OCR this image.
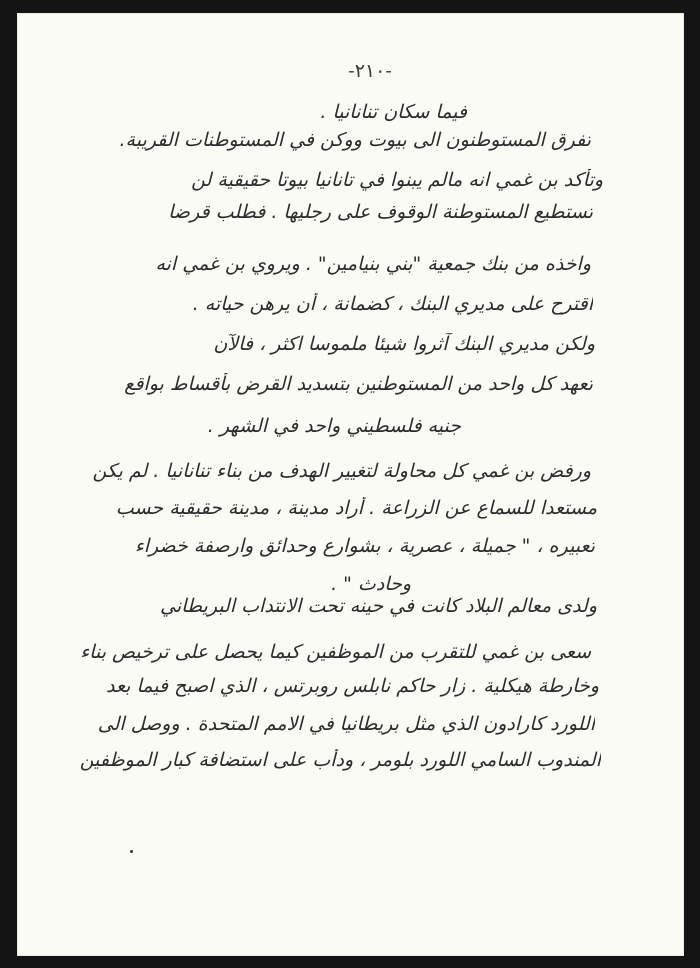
-٢١٠-
فيما سكان تنانانيا .
تفرق المستوطنون الى بيوت ووكن في المستوطنات القريبة.
وتأكد بن غمي انه مالم يبنوا في تانانيا بيوتا حقيقية لن
تستطيع المستوطنة الوقوف على رجليها . فطلب قرضا
واخذه من بنك جمعية "بني بنيامين" . ويروي بن غمي انه
اقترح على مديري البنك ، كضمانة ، أن يرهن حياته .
ولكن مديري البنك آثروا شيئا ملموسا اكثر ، فالآن
تعهد كل واحد من المستوطنين بتسديد القرض بأقساط بواقع
جنيه فلسطيني واحد في الشهر .
ورفض بن غمي كل محاولة لتغيير الهدف من بناء تنانانيا . لم يكن
مستعدا للسماع عن الزراعة . أراد مدينة ، مدينة حقيقية حسب
تعبيره ، " جميلة ، عصرية ، بشوارع وحدائق وارصفة خضراء
وحادث " .
ولدى معالم البلاد كانت في حينه تحت الانتداب البريطاني
سعى بن غمي للتقرب من الموظفين كيما يحصل على ترخيص بناء
وخارطة هيكلية . زار حاكم نابلس روبرتس ، الذي اصبح فيما بعد
اللورد كارادون الذي مثل بريطانيا في الامم المتحدة . ووصل الى
المندوب السامي اللورد بلومر ، ودأب على استضافة كبار الموظفين
